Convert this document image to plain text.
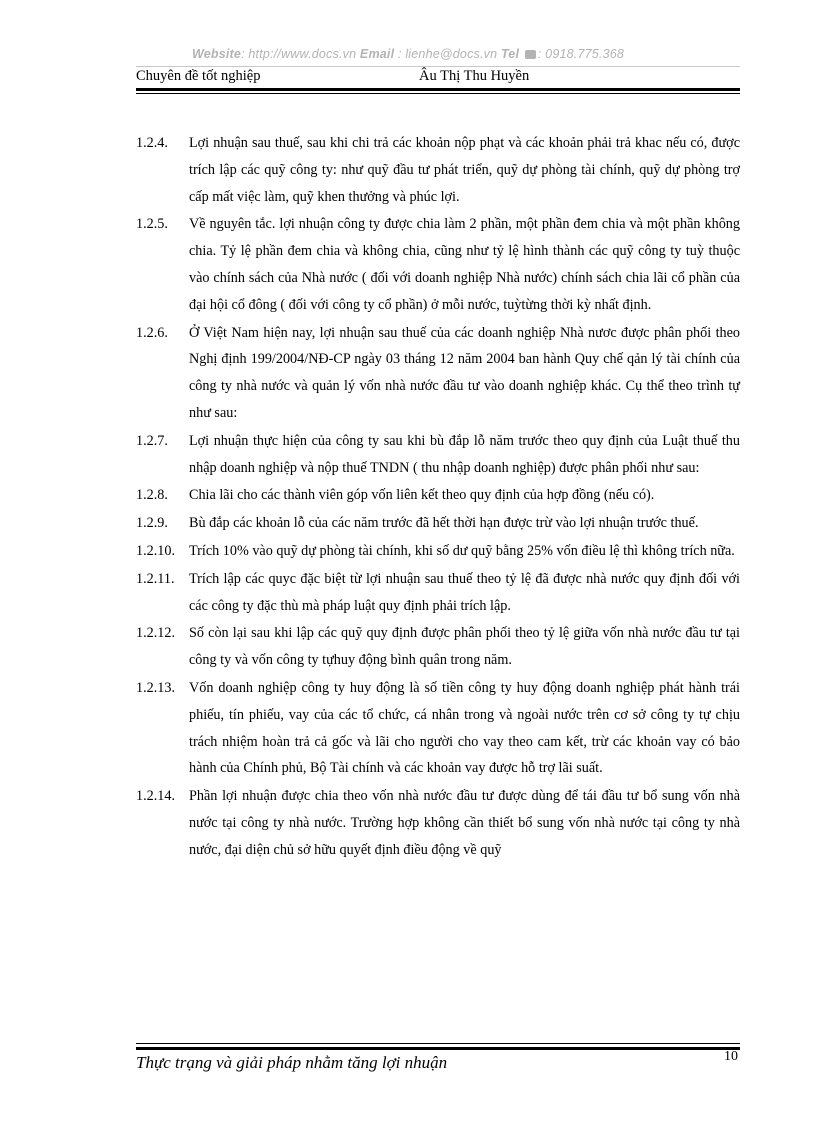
Website: http://www.docs.vn Email : lienhe@docs.vn Tel : 0918.775.368
Chuyên đề tốt nghiệp	Âu Thị Thu Huyền
1.2.4.	Lợi nhuận sau thuế, sau khi chi trả các khoản nộp phạt và các khoản phải trả khac nếu có, được trích lập các quỹ công ty: như quỹ đầu tư phát triển, quỹ dự phòng tài chính, quỹ dự phòng trợ cấp mất việc làm, quỹ khen thưởng và phúc lợi.
1.2.5.	Về nguyên tắc. lợi nhuận công ty được chia làm 2 phần, một phần đem chia và một phần không chia. Tỷ lệ phần đem chia và không chia, cũng như tỷ lệ hình thành các quỹ công ty tuỳ thuộc vào chính sách của Nhà nước ( đối với doanh nghiệp Nhà nước) chính sách chia lãi cổ phần của đại hội cổ đông ( đối với công ty cổ phần) ở mỗi nước, tuỳtừng thời kỳ nhất định.
1.2.6.	Ở Việt Nam hiện nay, lợi nhuận sau thuế của các doanh nghiệp Nhà nươc được phân phối theo Nghị định 199/2004/NĐ-CP ngày 03 tháng 12 năm 2004 ban hành Quy chế qản lý tài chính của công ty nhà nước và quản lý vốn nhà nước đầu tư vào doanh nghiệp khác. Cụ thể theo trình tự như sau:
1.2.7.	Lợi nhuận thực hiện của công ty sau khi bù đắp lỗ năm trước theo quy định của Luật thuế thu nhập doanh nghiệp và nộp thuế TNDN ( thu nhập doanh nghiệp) được phân phối như sau:
1.2.8.	Chia lãi cho các thành viên góp vốn liên kết theo quy định của hợp đồng (nếu có).
1.2.9.	Bù đắp các khoản lỗ của các năm trước đã hết thời hạn được trừ vào lợi nhuận trước thuế.
1.2.10. Trích 10% vào quỹ dự phòng tài chính, khi số dư quỹ bằng 25% vốn điều lệ thì không trích nữa.
1.2.11.	Trích lập các quyc đặc biệt từ lợi nhuận sau thuế theo tỷ lệ đã được nhà nước quy định đối với các công ty đặc thù mà pháp luật quy định phải trích lập.
1.2.12. Số còn lại sau khi lập các quỹ quy định được phân phối theo tỷ lệ giữa vốn nhà nước đầu tư tại công ty và vốn công ty tựhuy động bình quân trong năm.
1.2.13. Vốn doanh nghiệp công ty huy động là số tiền công ty huy động doanh nghiệp phát hành trái phiếu, tín phiếu, vay của các tổ chức, cá nhân trong và ngoài nước trên cơ sở công ty tự chịu trách nhiệm hoàn trả cả gốc và lãi cho người cho vay theo cam kết, trừ các khoản vay có bảo hành của Chính phủ, Bộ Tài chính và các khoản vay được hỗ trợ lãi suất.
1.2.14. Phần lợi nhuận được chia theo vốn nhà nước đầu tư được dùng để tái đầu tư bổ sung vốn nhà nước tại công ty nhà nước. Trường hợp không cần thiết bổ sung vốn nhà nước tại công ty nhà nước, đại diện chủ sở hữu quyết định điều động về quỹ
Thực trạng và giải pháp nhằm tăng lợi nhuận	10
